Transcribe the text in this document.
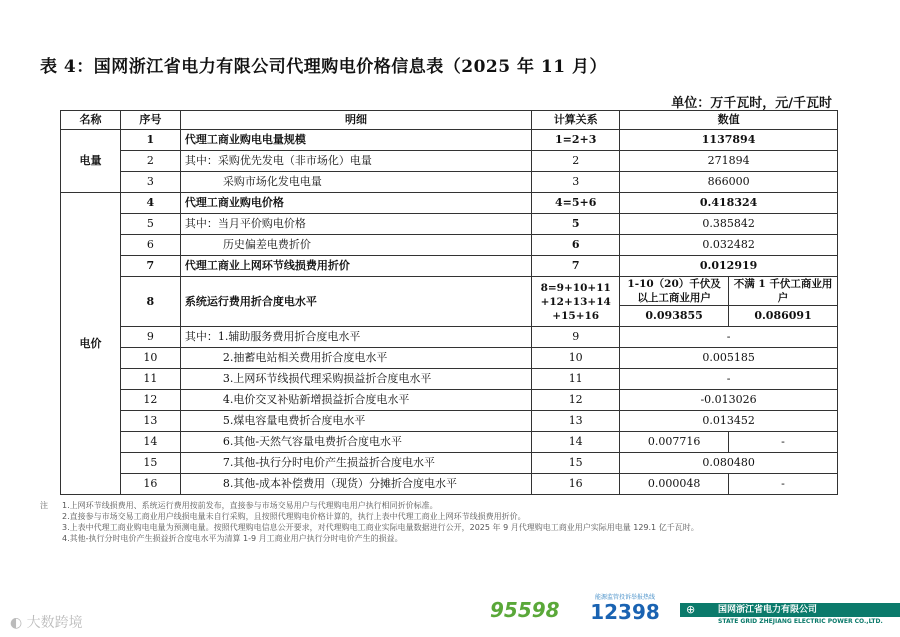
表 4：国网浙江省电力有限公司代理购电价格信息表（2025 年 11 月）
单位：万千瓦时，元/千瓦时
名称	序号	明细	计算关系	数值	
电量	1	代理工商业购电电量规模	1=2+3	1137894	
	2	其中：采购优先发电（非市场化）电量	2	271894	
	3	采购市场化发电电量	3	866000	
电价	4	代理工商业购电价格	4=5+6	0.418324	
	5	其中：当月平价购电价格	5	0.385842	
	6	历史偏差电费折价	6	0.032482	
	7	代理工商业上网环节线损费用折价	7	0.012919	
	8	系统运行费用折合度电水平	8=9+10+11+12+13+14+15+16	1-10（20）千伏及以上工商业用户	不满 1 千伏工商业用户
				0.093855	0.086091
	9	其中：1.辅助服务费用折合度电水平	9	-	
	10	2.抽蓄电站相关费用折合度电水平	10	0.005185	
	11	3.上网环节线损代理采购损益折合度电水平	11	-	
	12	4.电价交叉补贴新增损益折合度电水平	12	-0.013026	
	13	5.煤电容量电费折合度电水平	13	0.013452	
	14	6.其他-天然气容量电费折合度电水平	14	0.007716	-
	15	7.其他-执行分时电价产生损益折合度电水平	15	0.080480	
	16	8.其他-成本补偿费用（现货）分摊折合度电水平	16	0.000048	-
注 1.上网环节线损费用、系统运行费用按前发布，直接参与市场交易用户与代理购电用户执行相同折价标准。
2.直接参与市场交易工商业用户线损电量未自行采购，且按照代理购电价格计算的，执行上表中代理工商业上网环节线损费用折价。
3.上表中代理工商业购电电量为预测电量。按照代理购电信息公开要求，对代理购电工商业实际电量数据进行公开，2025 年 9 月代理购电工商业用户实际用电量 129.1 亿千瓦时。
4.其他-执行分时电价产生损益折合度电水平为清算 1-9 月工商业用户执行分时电价产生的损益。
◐ 大数跨境
95598
能源监管投诉举报热线
12398 ⊕	国网浙江省电力有限公司
STATE GRID ZHEJIANG ELECTRIC POWER CO.,LTD.
